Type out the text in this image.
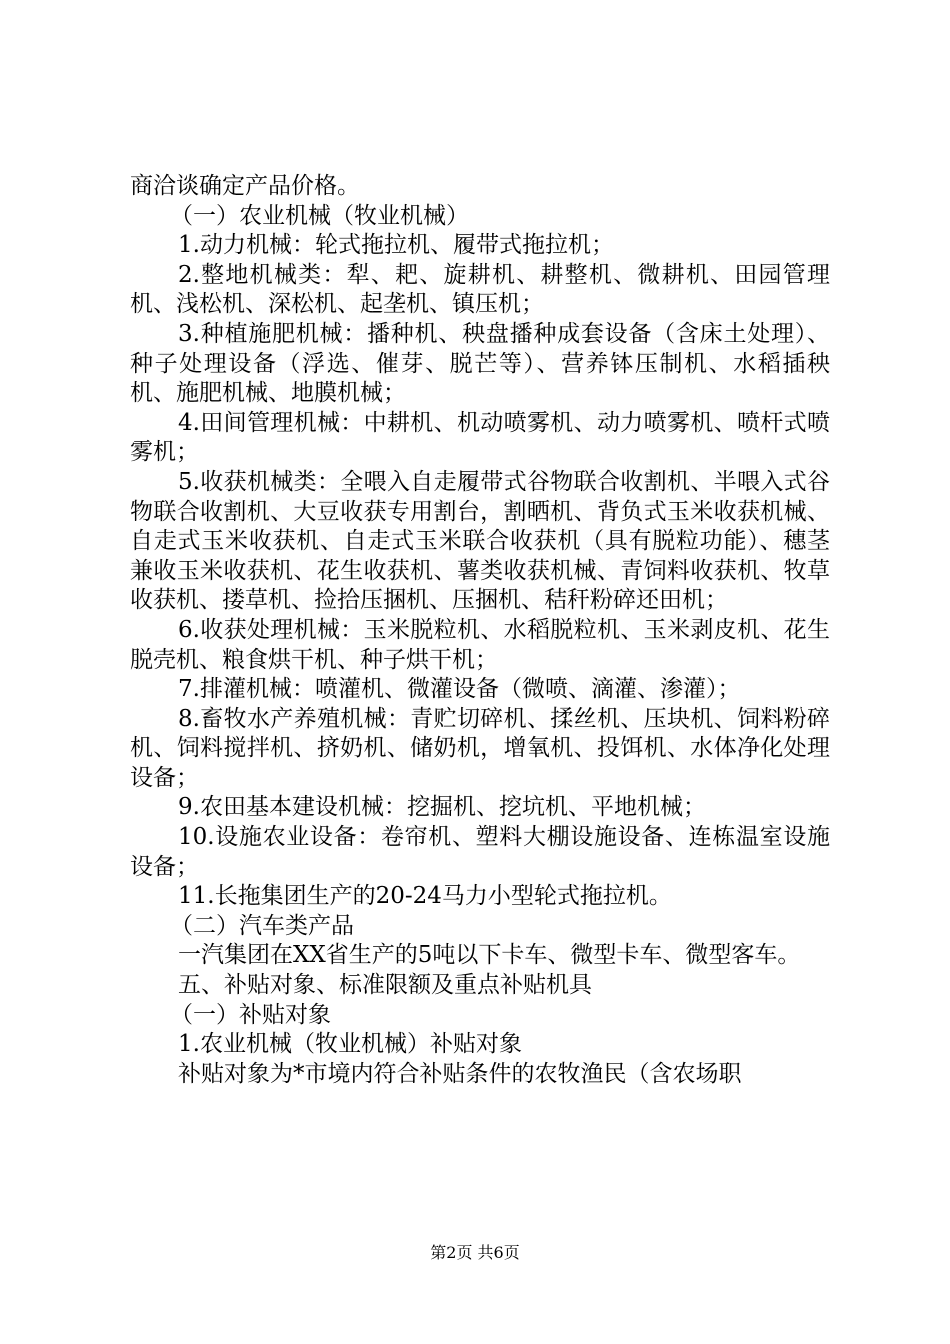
商洽谈确定产品价格。

（一）农业机械（牧业机械）

1.动力机械：轮式拖拉机、履带式拖拉机；

2.整地机械类：犁、耙、旋耕机、耕整机、微耕机、田园管理机、浅松机、深松机、起垄机、镇压机；

3.种植施肥机械：播种机、秧盘播种成套设备（含床土处理）、种子处理设备（浮选、催芽、脱芒等）、营养钵压制机、水稻插秧机、施肥机械、地膜机械；

4.田间管理机械：中耕机、机动喷雾机、动力喷雾机、喷杆式喷雾机；

5.收获机械类：全喂入自走履带式谷物联合收割机、半喂入式谷物联合收割机、大豆收获专用割台，割晒机、背负式玉米收获机械、自走式玉米收获机、自走式玉米联合收获机（具有脱粒功能）、穗茎兼收玉米收获机、花生收获机、薯类收获机械、青饲料收获机、牧草收获机、搂草机、捡拾压捆机、压捆机、秸秆粉碎还田机；

6.收获处理机械：玉米脱粒机、水稻脱粒机、玉米剥皮机、花生脱壳机、粮食烘干机、种子烘干机；

7.排灌机械：喷灌机、微灌设备（微喷、滴灌、渗灌）；

8.畜牧水产养殖机械：青贮切碎机、揉丝机、压块机、饲料粉碎机、饲料搅拌机、挤奶机、储奶机，增氧机、投饵机、水体净化处理设备；

9.农田基本建设机械：挖掘机、挖坑机、平地机械；

10.设施农业设备：卷帘机、塑料大棚设施设备、连栋温室设施设备；

11.长拖集团生产的20-24马力小型轮式拖拉机。

（二）汽车类产品

一汽集团在XX省生产的5吨以下卡车、微型卡车、微型客车。

五、补贴对象、标准限额及重点补贴机具

（一）补贴对象

1.农业机械（牧业机械）补贴对象

补贴对象为*市境内符合补贴条件的农牧渔民（含农场职

第2页 共6页
